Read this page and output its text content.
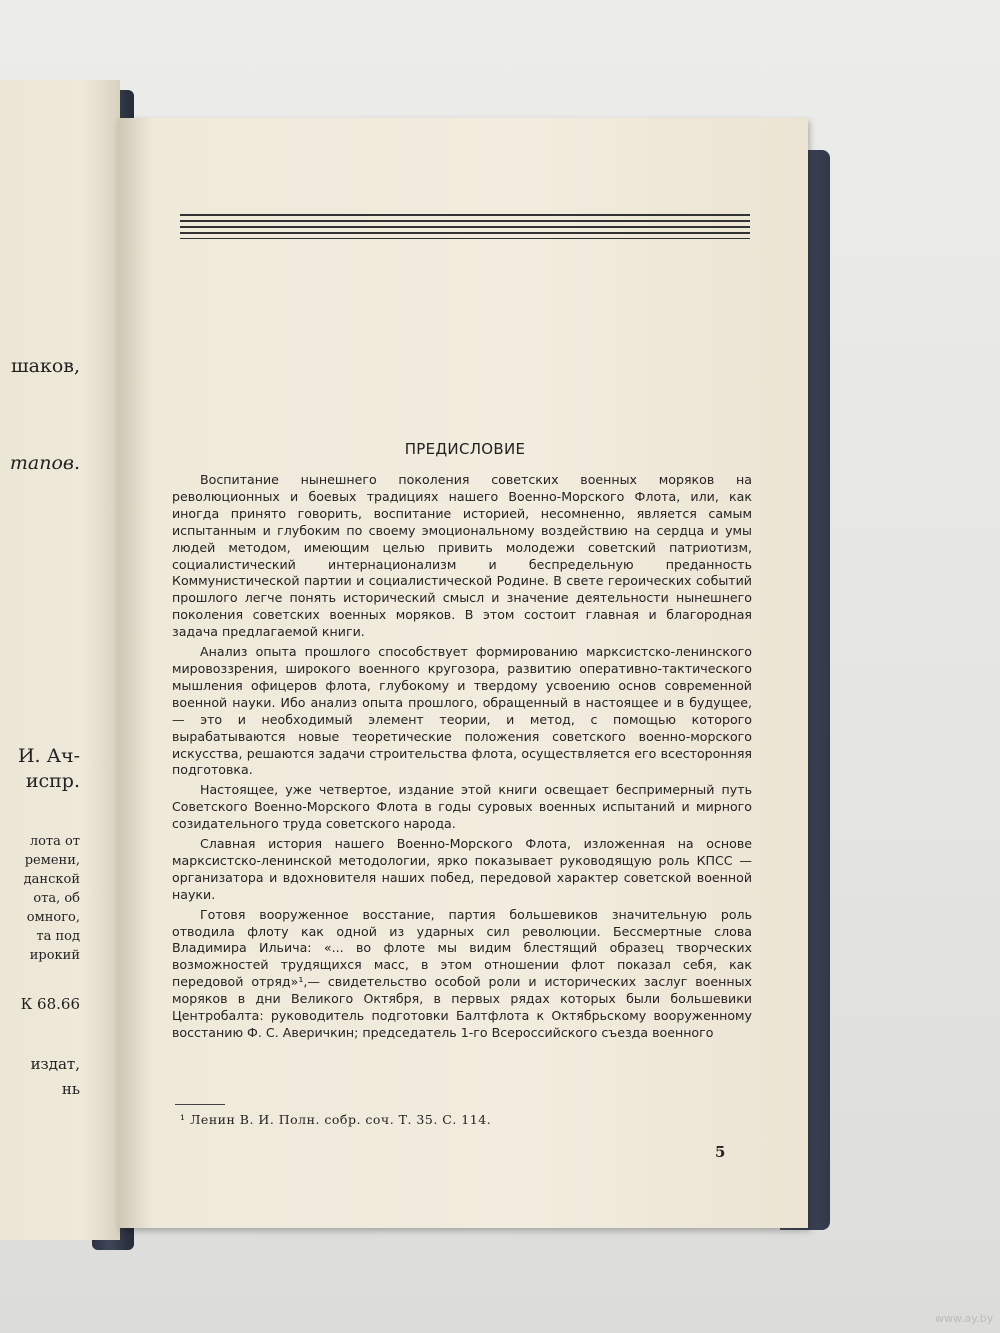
шаков,
тапов.
И. Ач-
испр.
лота от
ремени,
данской
ота, об
омного,
та под
ирокий
К 68.66
издат,
нь
ПРЕДИСЛОВИЕ

Воспитание нынешнего поколения советских военных моряков на революционных и боевых традициях нашего Военно-Морского Флота, или, как иногда принято говорить, воспитание историей, несомненно, является самым испытанным и глубоким по своему эмоциональному воздействию на сердца и умы людей методом, имеющим целью привить молодежи советский патриотизм, социалистический интернационализм и беспредельную преданность Коммунистической партии и социалистической Родине. В свете героических событий прошлого легче понять исторический смысл и значение деятельности нынешнего поколения советских военных моряков. В этом состоит главная и благородная задача предлагаемой книги.

Анализ опыта прошлого способствует формированию марксистско-ленинского мировоззрения, широкого военного кругозора, развитию оперативно-тактического мышления офицеров флота, глубокому и твердому усвоению основ современной военной науки. Ибо анализ опыта прошлого, обращенный в настоящее и в будущее,— это и необходимый элемент теории, и метод, с помощью которого вырабатываются новые теоретические положения советского военно-морского искусства, решаются задачи строительства флота, осуществляется его всесторонняя подготовка.

Настоящее, уже четвертое, издание этой книги освещает беспримерный путь Советского Военно-Морского Флота в годы суровых военных испытаний и мирного созидательного труда советского народа.

Славная история нашего Военно-Морского Флота, изложенная на основе марксистско-ленинской методологии, ярко показывает руководящую роль КПСС — организатора и вдохновителя наших побед, передовой характер советской военной науки.

Готовя вооруженное восстание, партия большевиков значительную роль отводила флоту как одной из ударных сил революции. Бессмертные слова Владимира Ильича: «... во флоте мы видим блестящий образец творческих возможностей трудящихся масс, в этом отношении флот показал себя, как передовой отряд»¹,— свидетельство особой роли и исторических заслуг военных моряков в дни Великого Октября, в первых рядах которых были большевики Центробалта: руководитель подготовки Балтфлота к Октябрьскому вооруженному восстанию Ф. С. Аверичкин; председатель 1-го Всероссийского съезда военного

¹ Ленин В. И. Полн. собр. соч. Т. 35. С. 114.
5
www.ay.by
